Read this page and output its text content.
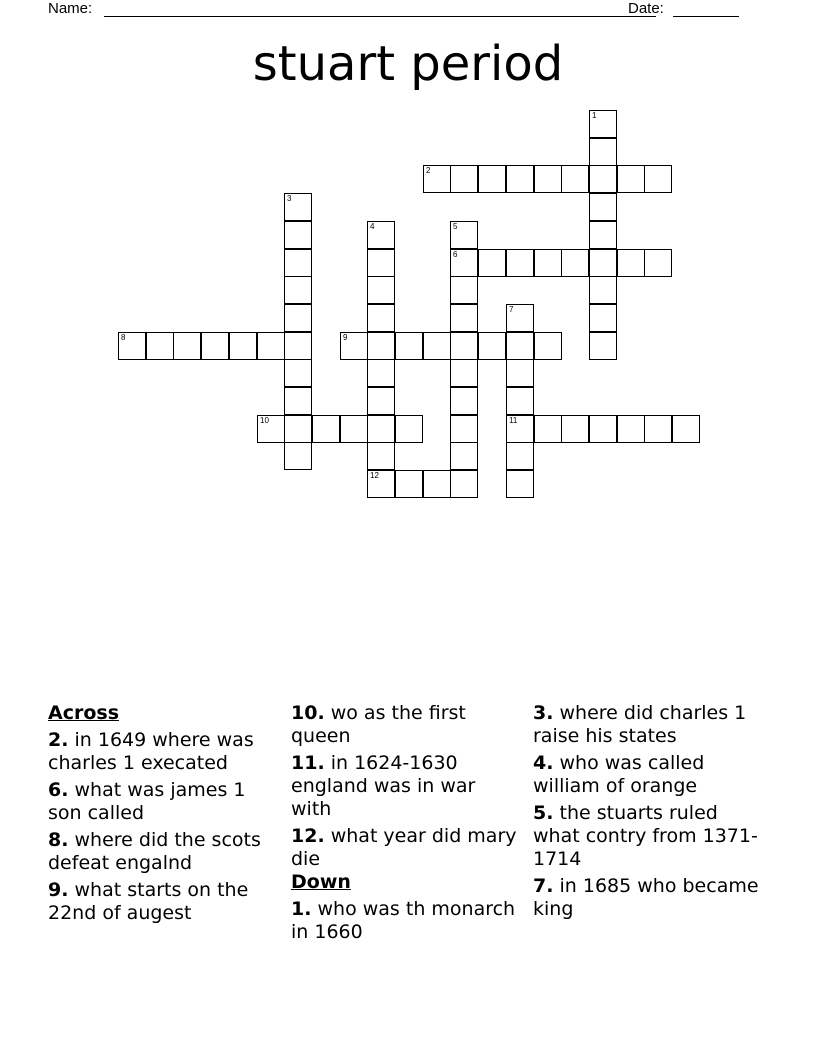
Name:	Date:
stuart period
1
2
3
4
12
5
6
7
11
8	9
10
Across
2. in 1649 where was charles 1 execated
6. what was james 1 son called
8. where did the scots defeat engalnd
9. what starts on the 22nd of augest
10. wo as the first queen
11. in 1624-1630 england was in war with
12. what year did mary die
Down
1. who was th monarch in 1660
3. where did charles 1 raise his states
4. who was called william of orange
5. the stuarts ruled what contry from 1371-1714
7. in 1685 who became king
